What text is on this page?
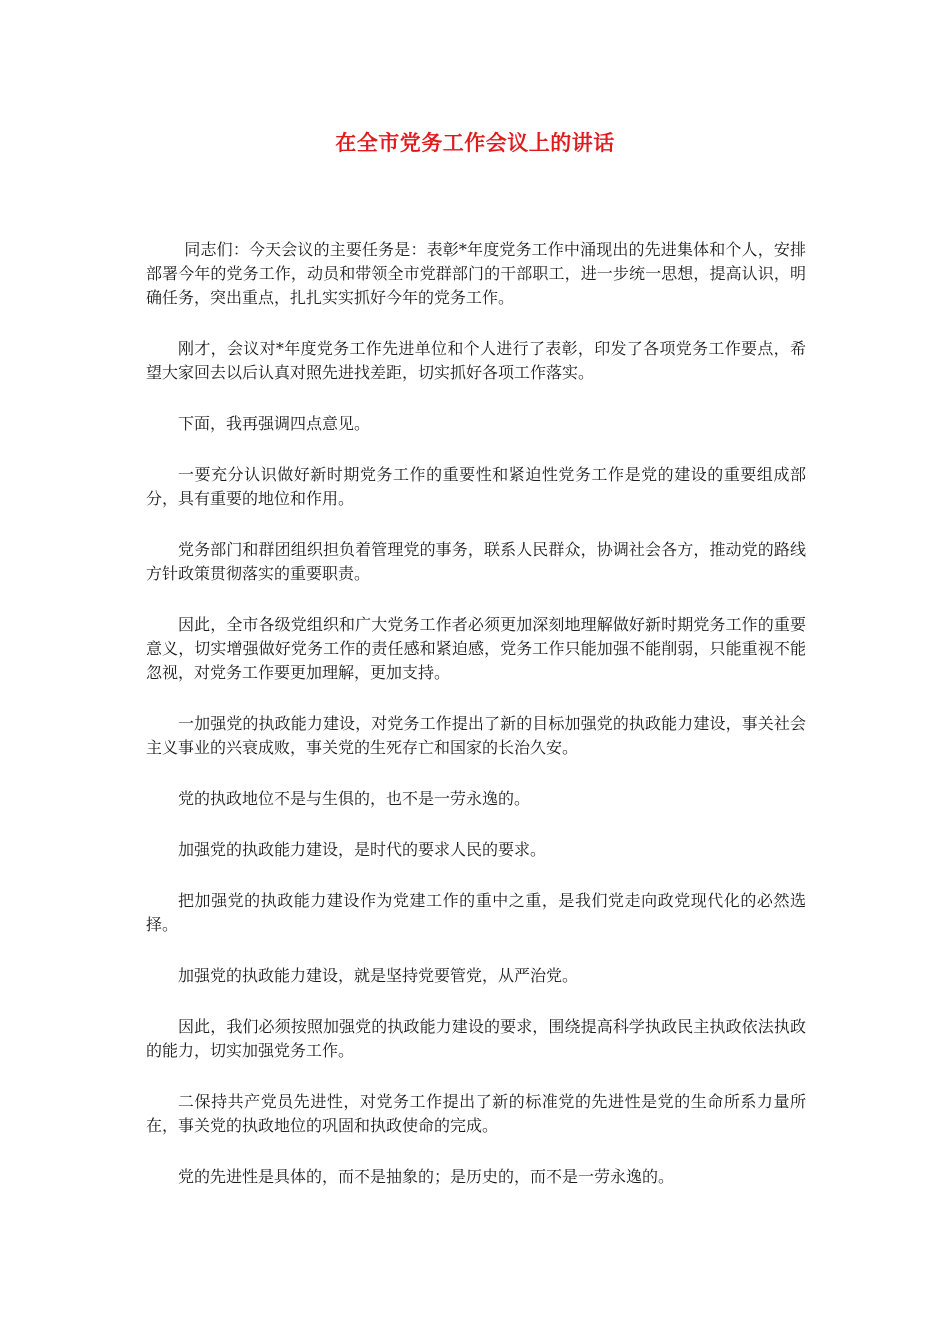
在全市党务工作会议上的讲话

同志们：今天会议的主要任务是：表彰*年度党务工作中涌现出的先进集体和个人，安排部署今年的党务工作，动员和带领全市党群部门的干部职工，进一步统一思想，提高认识，明确任务，突出重点，扎扎实实抓好今年的党务工作。

刚才，会议对*年度党务工作先进单位和个人进行了表彰，印发了各项党务工作要点，希望大家回去以后认真对照先进找差距，切实抓好各项工作落实。

下面，我再强调四点意见。

一要充分认识做好新时期党务工作的重要性和紧迫性党务工作是党的建设的重要组成部分，具有重要的地位和作用。

党务部门和群团组织担负着管理党的事务，联系人民群众，协调社会各方，推动党的路线方针政策贯彻落实的重要职责。

因此，全市各级党组织和广大党务工作者必须更加深刻地理解做好新时期党务工作的重要意义，切实增强做好党务工作的责任感和紧迫感，党务工作只能加强不能削弱，只能重视不能忽视，对党务工作要更加理解，更加支持。

一加强党的执政能力建设，对党务工作提出了新的目标加强党的执政能力建设，事关社会主义事业的兴衰成败，事关党的生死存亡和国家的长治久安。

党的执政地位不是与生俱的，也不是一劳永逸的。

加强党的执政能力建设，是时代的要求人民的要求。

把加强党的执政能力建设作为党建工作的重中之重，是我们党走向政党现代化的必然选择。

加强党的执政能力建设，就是坚持党要管党，从严治党。

因此，我们必须按照加强党的执政能力建设的要求，围绕提高科学执政民主执政依法执政的能力，切实加强党务工作。

二保持共产党员先进性，对党务工作提出了新的标准党的先进性是党的生命所系力量所在，事关党的执政地位的巩固和执政使命的完成。

党的先进性是具体的，而不是抽象的；是历史的，而不是一劳永逸的。
